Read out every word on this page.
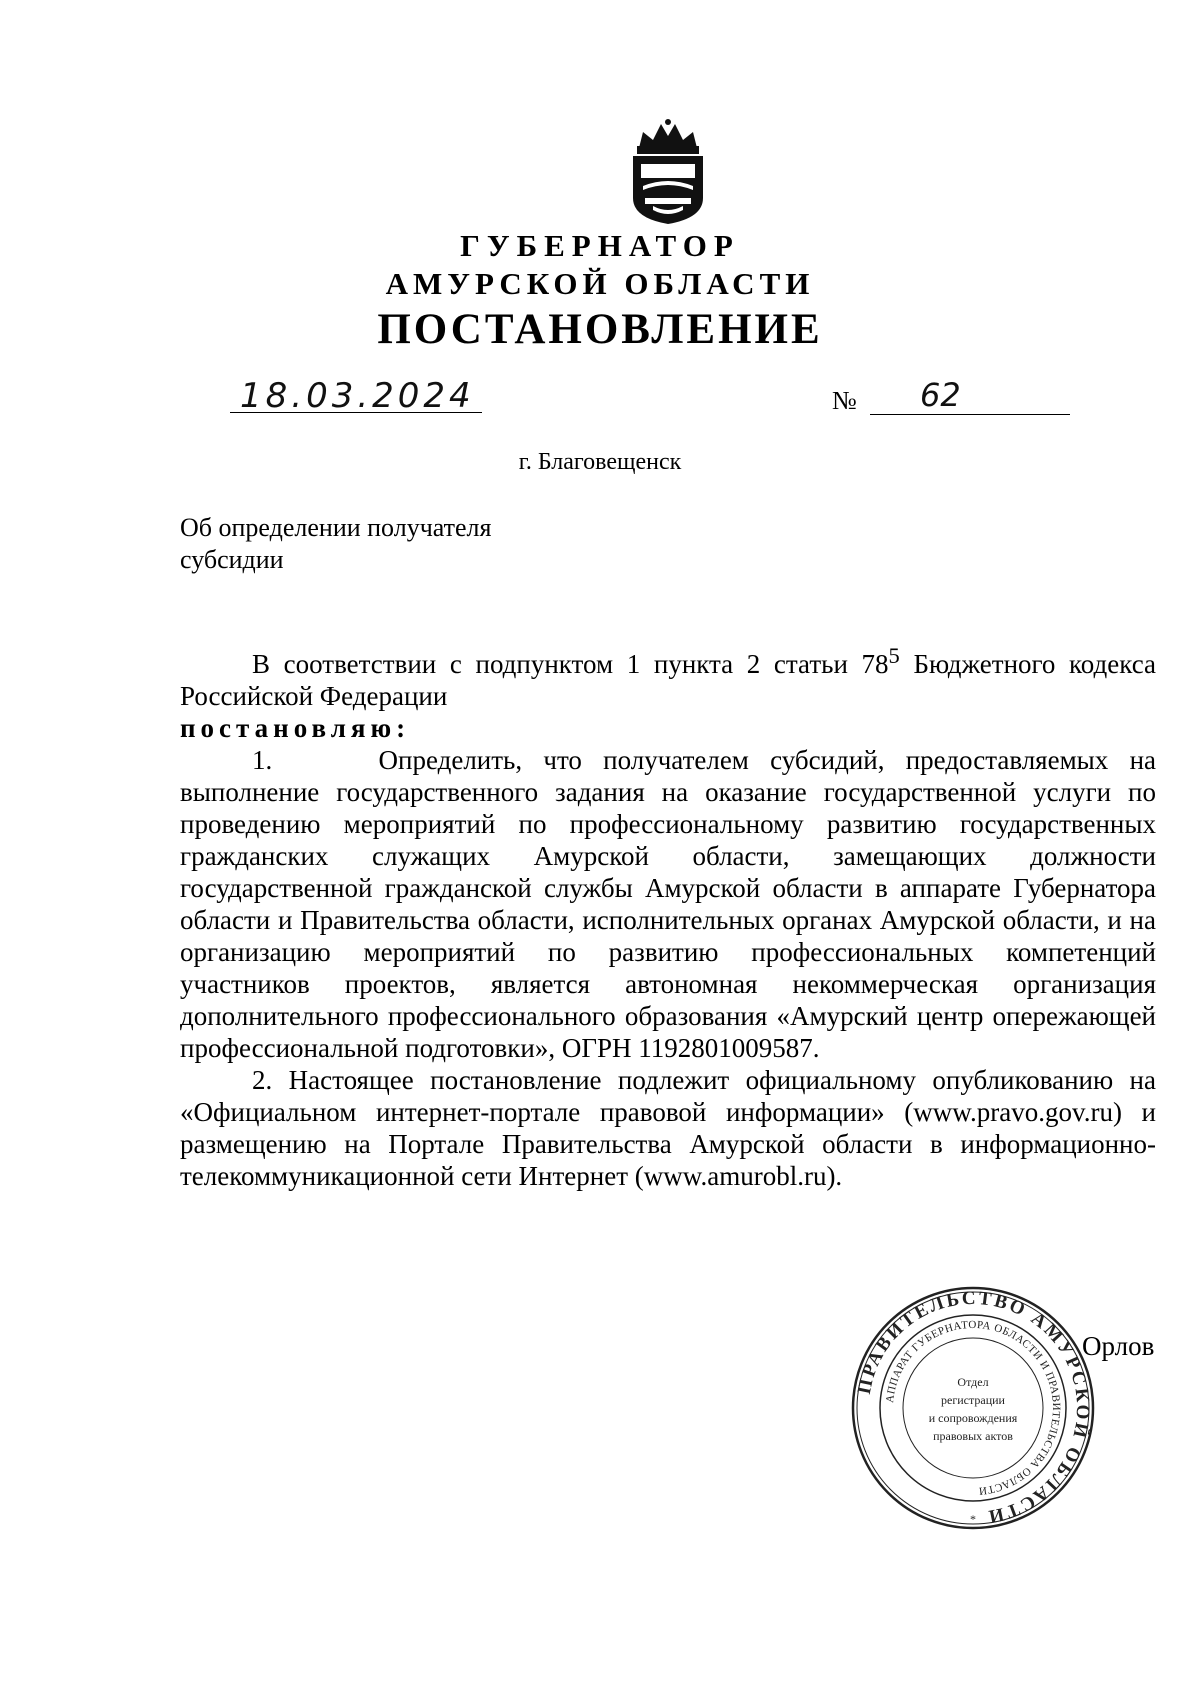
ГУБЕРНАТОР
АМУРСКОЙ ОБЛАСТИ
ПОСТАНОВЛЕНИЕ
18.03.2024	№ 62
г. Благовещенск
Об определении получателя
субсидии

В соответствии с подпунктом 1 пункта 2 статьи $78^5$ Бюджетного кодекса Российской Федерации

постановляю:

1.     Определить, что получателем субсидий, предоставляемых на выполнение государственного задания на оказание государственной услуги по проведению мероприятий по профессиональному развитию государственных гражданских служащих Амурской области, замещающих должности государственной гражданской службы Амурской области в аппарате Губернатора области и Правительства области, исполнительных органах Амурской области, и на организацию мероприятий по развитию профессиональных компетенций участников проектов, является автономная некоммерческая организация дополнительного профессионального образования «Амурский центр опережающей профессиональной подготовки», ОГРН 1192801009587.

2. Настоящее постановление подлежит официальному опубликованию на «Официальном интернет-портале правовой информации» (www.pravo.gov.ru) и размещению на Портале Правительства Амурской области в информационно-телекоммуникационной сети Интернет (www.amurobl.ru).

ПРАВИТЕЛЬСТВО АМУРСКОЙ ОБЛАСТИ
АППАРАТ ГУБЕРНАТОРА ОБЛАСТИ И ПРАВИТЕЛЬСТВА ОБЛАСТИ
Отдел
регистрации
и сопровождения
правовых актов
*
Орлов
